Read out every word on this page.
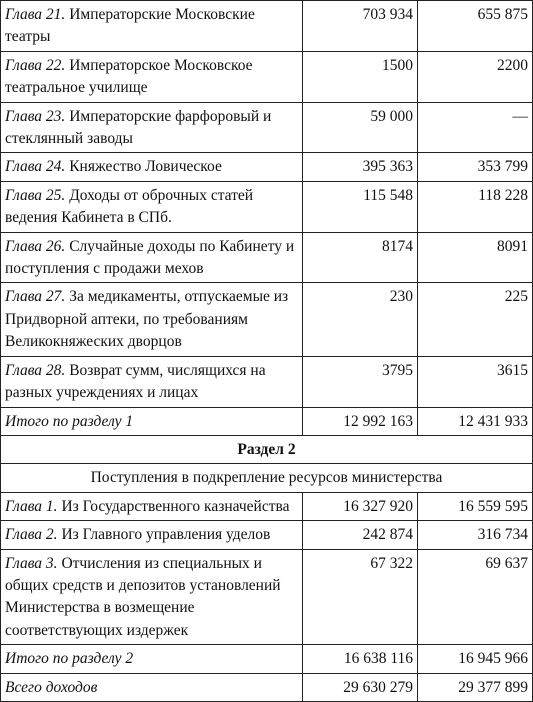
Глава 21. Императорские Московские театры	703 934	655 875
Глава 22. Императорское Московское театральное училище	1500	2200
Глава 23. Императорские фарфоровый и стеклянный заводы	59 000	—
Глава 24. Княжество Ловичеcкое	395 363	353 799
Глава 25. Доходы от оброчных статей ведения Кабинета в СПб.	115 548	118 228
Глава 26. Случайные доходы по Кабинету и поступления с продажи мехов	8174	8091
Глава 27. За медикаменты, отпускаемые из Придворной аптеки, по требованиям Великокняжеских дворцов	230	225
Глава 28. Возврат сумм, числящихся на разных учреждениях и лицах	3795	3615
Итого по разделу 1	12 992 163	12 431 933
Раздел 2		
Поступления в подкрепление ресурсов министерства		
Глава 1. Из Государственного казначейства	16 327 920	16 559 595
Глава 2. Из Главного управления уделов	242 874	316 734
Глава 3. Отчисления из специальных и общих средств и депозитов установлений Министерства в возмещение соответствующих издержек	67 322	69 637
Итого по разделу 2	16 638 116	16 945 966
Всего доходов	29 630 279	29 377 899
